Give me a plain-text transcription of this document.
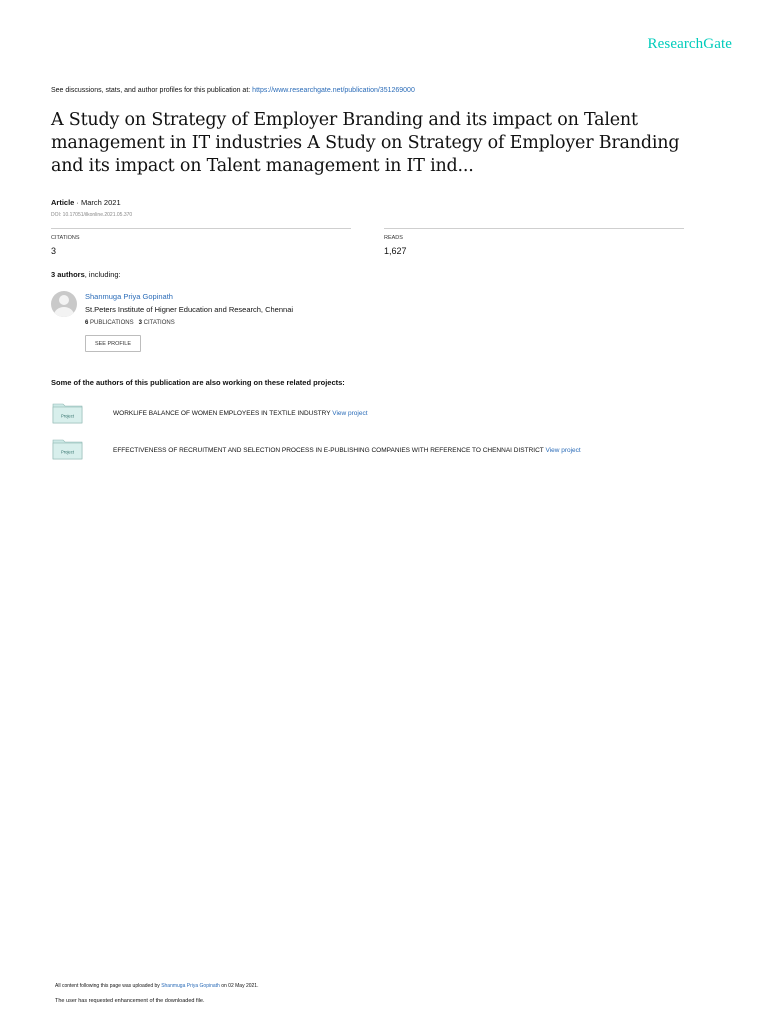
ResearchGate
See discussions, stats, and author profiles for this publication at: https://www.researchgate.net/publication/351269000
A Study on Strategy of Employer Branding and its impact on Talent management in IT industries A Study on Strategy of Employer Branding and its impact on Talent management in IT ind...
Article · March 2021
DOI: 10.17051/ilkonline.2021.05.370
CITATIONS
3
READS
1,627
3 authors, including:
Shanmuga Priya Gopinath
St.Peters Institute of Higner Education and Research, Chennai
6 PUBLICATIONS 3 CITATIONS
SEE PROFILE
Some of the authors of this publication are also working on these related projects:
Project	WORKLIFE BALANCE OF WOMEN EMPLOYEES IN TEXTILE INDUSTRY View project
Project	EFFECTIVENESS OF RECRUITMENT AND SELECTION PROCESS IN E-PUBLISHING COMPANIES WITH REFERENCE TO CHENNAI DISTRICT View project
All content following this page was uploaded by Shanmuga Priya Gopinath on 02 May 2021.
The user has requested enhancement of the downloaded file.
